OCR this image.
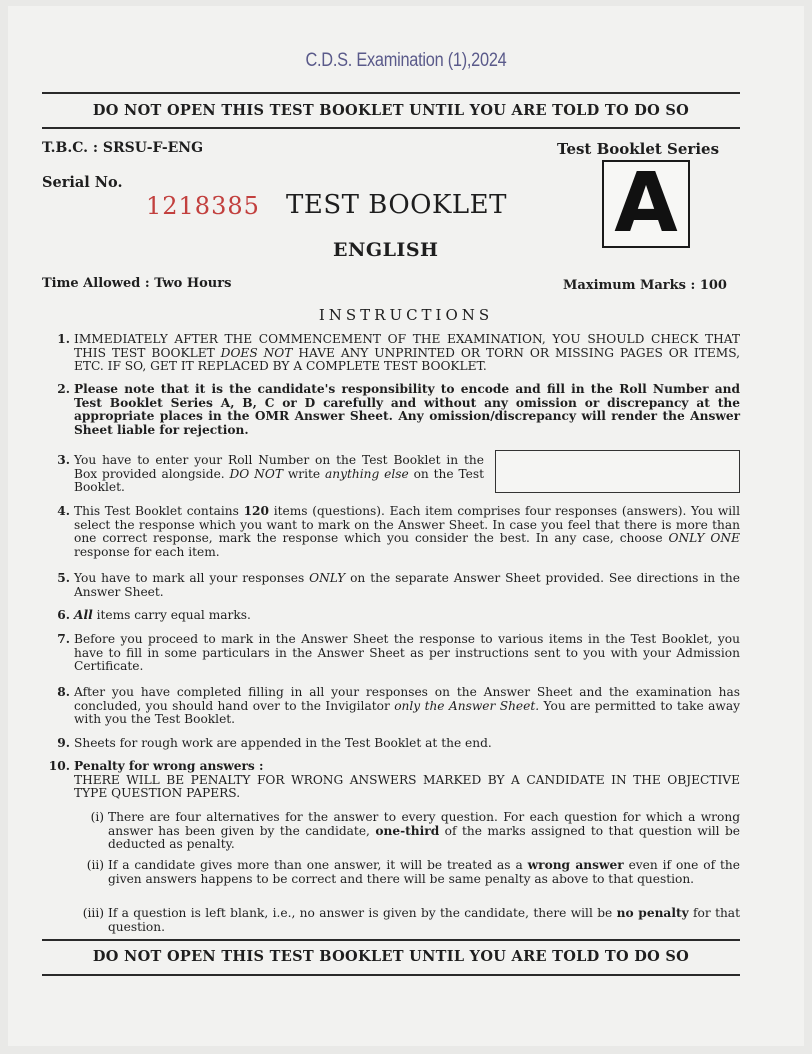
C.D.S. Examination (1),2024
DO NOT OPEN THIS TEST BOOKLET UNTIL YOU ARE TOLD TO DO SO
T.B.C. : SRSU-F-ENG	Test Booklet Series
Serial No.
1218385 TEST BOOKLET A
ENGLISH
Time Allowed : Two Hours	Maximum Marks : 100
INSTRUCTIONS
1. IMMEDIATELY AFTER THE COMMENCEMENT OF THE EXAMINATION, YOU SHOULD CHECK THAT THIS TEST BOOKLET DOES NOT HAVE ANY UNPRINTED OR TORN OR MISSING PAGES OR ITEMS, ETC. IF SO, GET IT REPLACED BY A COMPLETE TEST BOOKLET.
2. Please note that it is the candidate's responsibility to encode and fill in the Roll Number and Test Booklet Series A, B, C or D carefully and without any omission or discrepancy at the appropriate places in the OMR Answer Sheet. Any omission/discrepancy will render the Answer Sheet liable for rejection.
3. You have to enter your Roll Number on the Test Booklet in the Box provided alongside. DO NOT write anything else on the Test Booklet.
4. This Test Booklet contains 120 items (questions). Each item comprises four responses (answers). You will select the response which you want to mark on the Answer Sheet. In case you feel that there is more than one correct response, mark the response which you consider the best. In any case, choose ONLY ONE response for each item.
5. You have to mark all your responses ONLY on the separate Answer Sheet provided. See directions in the Answer Sheet.
6. All items carry equal marks.
7. Before you proceed to mark in the Answer Sheet the response to various items in the Test Booklet, you have to fill in some particulars in the Answer Sheet as per instructions sent to you with your Admission Certificate.
8. After you have completed filling in all your responses on the Answer Sheet and the examination has concluded, you should hand over to the Invigilator only the Answer Sheet. You are permitted to take away with you the Test Booklet.
9. Sheets for rough work are appended in the Test Booklet at the end.
10. Penalty for wrong answers :
THERE WILL BE PENALTY FOR WRONG ANSWERS MARKED BY A CANDIDATE IN THE OBJECTIVE TYPE QUESTION PAPERS.
(i) There are four alternatives for the answer to every question. For each question for which a wrong answer has been given by the candidate, one-third of the marks assigned to that question will be deducted as penalty.
(ii) If a candidate gives more than one answer, it will be treated as a wrong answer even if one of the given answers happens to be correct and there will be same penalty as above to that question.
(iii) If a question is left blank, i.e., no answer is given by the candidate, there will be no penalty for that question.
DO NOT OPEN THIS TEST BOOKLET UNTIL YOU ARE TOLD TO DO SO
